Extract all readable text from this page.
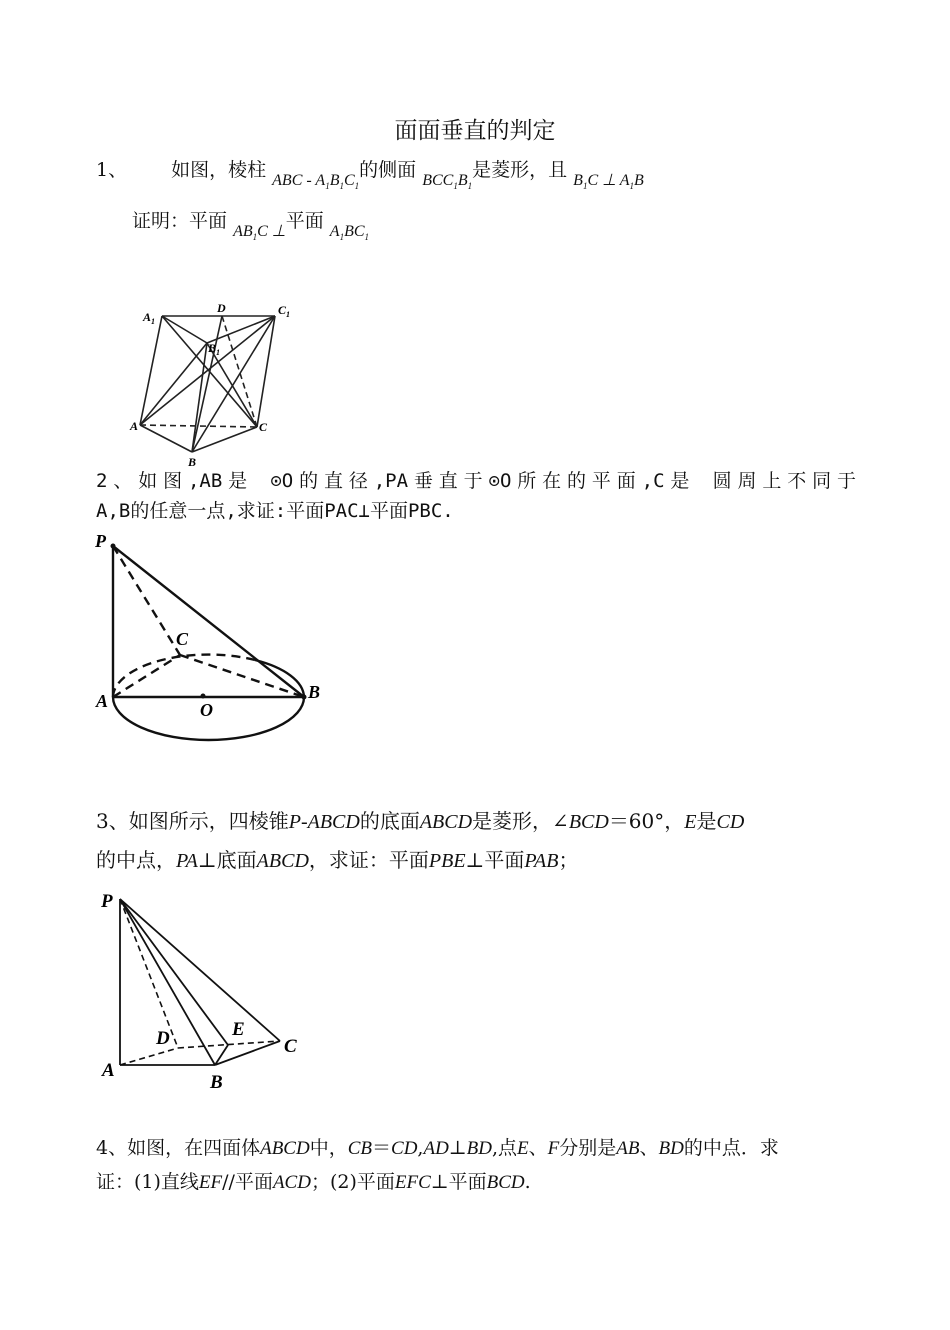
面面垂直的判定
1、 如图，棱柱 $_{ABC - A_1B_1C_1}$的侧面 $_{BCC_1B_1}$是菱形，且 $_{B_1C \perp A_1B}$
证明：平面 $_{AB_1C \perp}$平面 $_{A_1BC_1}$
$A_1$
D	$C_1$
$B_1$
A	C
B
P
C
A	O
B
P
D	E
C
A
B
2、如图,AB是 ⊙O的直径,PA垂直于⊙O所在的平面,C是 圆周上不同于
A,B的任意一点,求证:平面PAC⊥平面PBC.
3、如图所示，四棱锥P-ABCD的底面ABCD是菱形，∠BCD＝60°，E是CD
的中点，PA⊥底面ABCD，求证：平面PBE⊥平面PAB；
4、如图，在四面体ABCD中，CB＝CD,AD⊥BD,点E、F分别是AB、BD的中点．求
证：(1)直线EF//平面ACD；(2)平面EFC⊥平面BCD.
